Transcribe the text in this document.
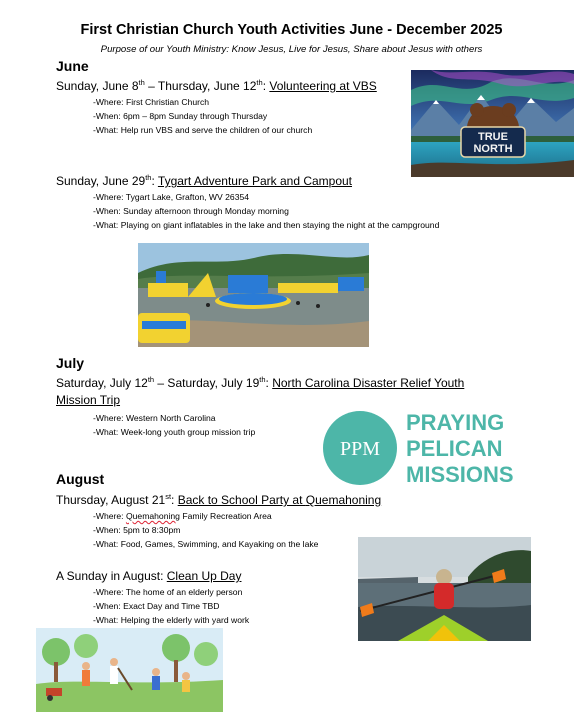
First Christian Church Youth Activities June - December 2025
Purpose of our Youth Ministry: Know Jesus, Live for Jesus, Share about Jesus with others
June
Sunday, June 8th – Thursday, June 12th: Volunteering at VBS
-Where: First Christian Church
-When: 6pm – 8pm Sunday through Thursday
-What: Help run VBS and serve the children of our church
TRUE
NORTH
Sunday, June 29th: Tygart Adventure Park and Campout
-Where: Tygart Lake, Grafton, WV 26354
-When: Sunday afternoon through Monday morning
-What: Playing on giant inflatables in the lake and then staying the night at the campground
July
Saturday, July 12th – Saturday, July 19th: North Carolina Disaster Relief Youth
Mission Trip
-Where: Western North Carolina
-What: Week-long youth group mission trip
PPM
PRAYING
PELICAN
MISSIONS
August
Thursday, August 21st: Back to School Party at Quemahoning
-Where: Quemahoning Family Recreation Area
-When: 5pm to 8:30pm
-What: Food, Games, Swimming, and Kayaking on the lake
A Sunday in August: Clean Up Day
-Where: The home of an elderly person
-When: Exact Day and Time TBD
-What: Helping the elderly with yard work
